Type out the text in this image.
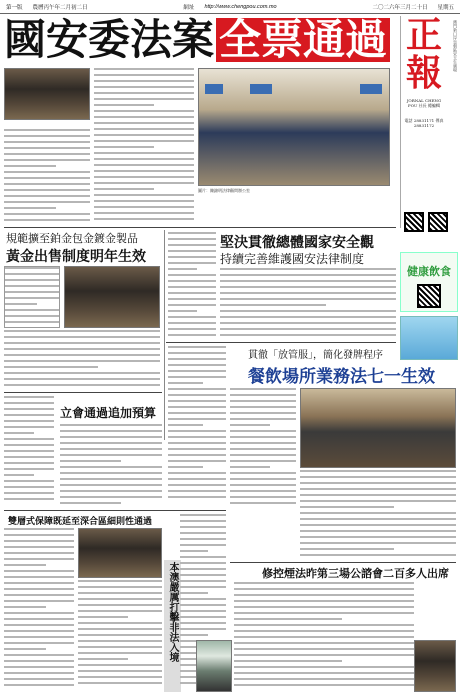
第一版 農曆丙午年二月初二日	網址 http://www.chengpou.com.mo	二〇二六年三月二十日 星期五
國安委法案 全票通過 正報
澳門新口岸皇朝區宋玉生廣場
JORNAL CHENG POU 社長 總編輯
電話 28831171 傳真 28831172
健康飲食

圖片：陳錦明法律顧問辦公室
規範擴至鉑金包金鍍金製品
黃金出售制度明年生效
堅決貫徹總體國家安全觀
持續完善維護國安法律制度
貫徹「放管服」，簡化發牌程序
餐飲場所業務法七一生效
立會通過追加預算
雙層式保障既延至深合區細則性通過
本澳嚴厲打擊非法入境	修控煙法昨第三場公諮會二百多人出席
